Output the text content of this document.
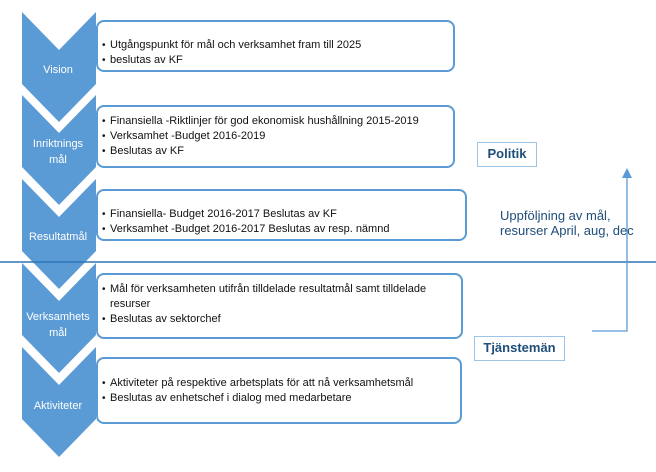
Vision
• Utgångspunkt för mål och verksamhet fram till 2025
• beslutas av KF
Inriktnings
mål
• Finansiella -Riktlinjer för god ekonomisk hushållning 2015-2019
• Verksamhet -Budget 2016-2019
• Beslutas av KF
Resultatmål
• Finansiella- Budget 2016-2017 Beslutas av KF
• Verksamhet -Budget 2016-2017 Beslutas av resp. nämnd
Verksamhets
mål
• Mål för verksamheten utifrån tilldelade resultatmål samt tilldelade resurser
• Beslutas av sektorchef
Aktiviteter
• Aktiviteter på respektive arbetsplats för att nå verksamhetsmål
• Beslutas av enhetschef i dialog med medarbetare
Politik
Tjänstemän
Uppföljning av mål, resurser April, aug, dec
